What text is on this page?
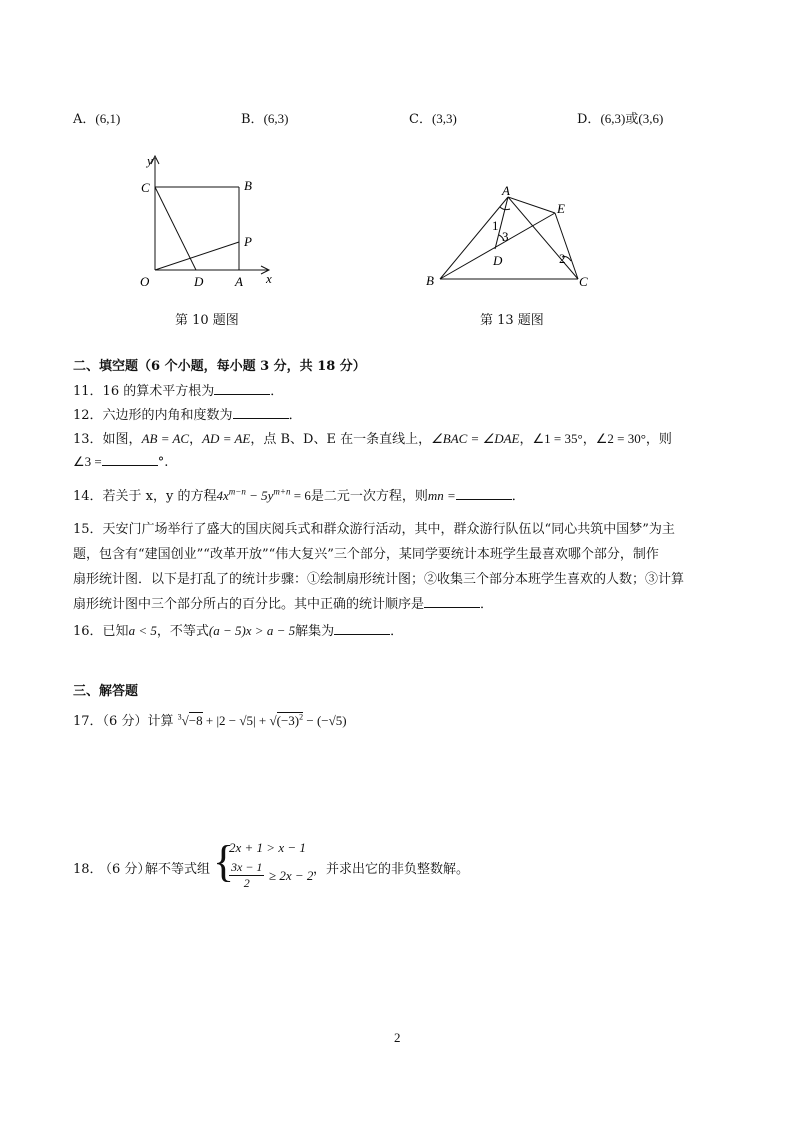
A．(6,1)	B．(6,3)	C．(3,3)	D．(6,3)或(3,6)
y
C	B
P
O	D A x
第 10 题图
A
E
B	C
D
1
3
2
第 13 题图
二、填空题（6 个小题，每小题 3 分，共 18 分）
11．16 的算术平方根为	．
12．六边形的内角和度数为	．
13．如图，AB = AC，AD = AE，点 B、D、E 在一条直线上，∠BAC = ∠DAE，∠1 = 35°，∠2 = 30°，则
∠3 =	°.
14．若关于 x，y 的方程$4x^{m-n} - 5y^{m+n} = 6$是二元一次方程，则mn =	．
15．天安门广场举行了盛大的国庆阅兵式和群众游行活动，其中，群众游行队伍以“同心共筑中国梦”为主
题，包含有“建国创业”“改革开放”“伟大复兴”三个部分，某同学要统计本班学生最喜欢哪个部分，制作
扇形统计图．以下是打乱了的统计步骤：①绘制扇形统计图；②收集三个部分本班学生喜欢的人数；③计算
扇形统计图中三个部分所占的百分比。其中正确的统计顺序是	．
16．已知a < 5，不等式(a − 5)x > a − 5解集为	．
三、解答题
17．（6 分）计算 $^3√-8 + |2 - √5| + √(-3)^2 - (-√5)$
18．
（6 分）
解不等式组 {
2x + 1 > x − 1
$\frac{3x - 1}{2} \ge 2x - 2$ ，并求出它的非负整数解。
2
